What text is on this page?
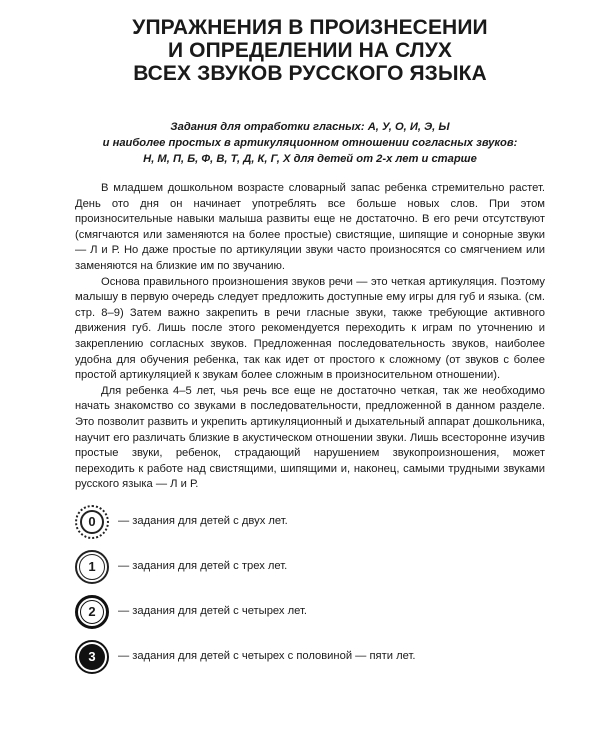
УПРАЖНЕНИЯ В ПРОИЗНЕСЕНИИ
И ОПРЕДЕЛЕНИИ НА СЛУХ
ВСЕХ ЗВУКОВ РУССКОГО ЯЗЫКА
Задания для отработки гласных: А, У, О, И, Э, Ы
и наиболее простых в артикуляционном отношении согласных звуков:
Н, М, П, Б, Ф, В, Т, Д, К, Г, Х для детей от 2-х лет и старше

В младшем дошкольном возрасте словарный запас ребенка стремительно растет. День ото дня он начинает употреблять все больше новых слов. При этом произносительные навыки малыша развиты еще не достаточно. В его речи отсутствуют (смягчаются или заменяются на более простые) свистящие, шипящие и сонорные звуки — Л и Р. Но даже простые по артикуляции звуки часто произносятся со смягчением или заменяются на близкие им по звучанию.

Основа правильного произношения звуков речи — это четкая артикуляция. Поэтому малышу в первую очередь следует предложить доступные ему игры для губ и языка. (см. стр. 8–9) Затем важно закрепить в речи гласные звуки, также требующие активного движения губ. Лишь после этого рекомендуется переходить к играм по уточнению и закреплению согласных звуков. Предложенная последовательность звуков, наиболее удобна для обучения ребенка, так как идет от простого к сложному (от звуков с более простой артикуляцией к звукам более сложным в произносительном отношении).

Для ребенка 4–5 лет, чья речь все еще не достаточно четкая, так же необходимо начать знакомство со звуками в последовательности, предложенной в данном разделе. Это позволит развить и укрепить артикуляционный и дыхательный аппарат дошкольника, научит его различать близкие в акустическом отношении звуки. Лишь всесторонне изучив простые звуки, ребенок, страдающий нарушением звукопроизношения, может переходить к работе над свистящими, шипящими и, наконец, самыми трудными звуками русского языка — Л и Р.

0 — задания для детей с двух лет.
1 — задания для детей с трех лет.
2 — задания для детей с четырех лет.
3 — задания для детей с четырех с половиной — пяти лет.
